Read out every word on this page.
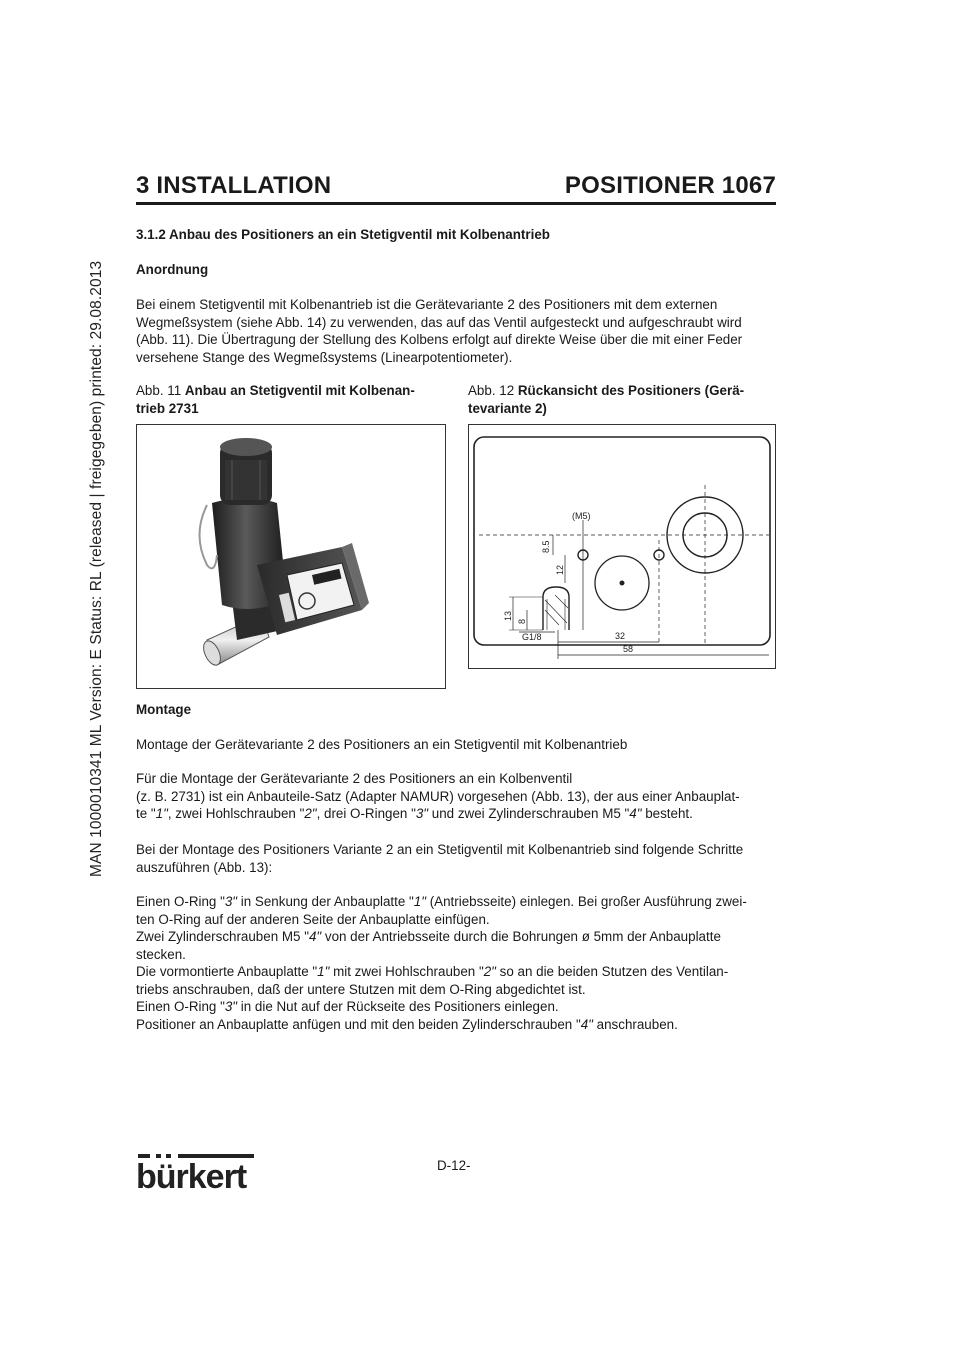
MAN 1000010341 ML Version: E Status: RL (released | freigegeben) printed: 29.08.2013
3 INSTALLATION	POSITIONER 1067
3.1.2 Anbau des Positioners an ein Stetigventil mit Kolbenantrieb
Anordnung
Bei einem Stetigventil mit Kolbenantrieb ist die Gerätevariante 2 des Positioners mit dem externen
Wegmeßsystem (siehe Abb. 14) zu verwenden, das auf das Ventil aufgesteckt und aufgeschraubt wird
(Abb. 11). Die Übertragung der Stellung des Kolbens erfolgt auf direkte Weise über die mit einer Feder
versehene Stange des Wegmeßsystems (Linearpotentiometer).
Abb. 11 Anbau an Stetigventil mit Kolbenan-
trieb 2731
Abb. 12 Rückansicht des Positioners (Gerä-
tevariante 2)
(M5)
8.5
12
13
8
G1/8	32
58
Montage
Montage der Gerätevariante 2 des Positioners an ein Stetigventil mit Kolbenantrieb
Für die Montage der Gerätevariante 2 des Positioners an ein Kolbenventil
(z. B. 2731) ist ein Anbauteile-Satz (Adapter NAMUR) vorgesehen (Abb. 13), der aus einer Anbauplat-
te "1", zwei Hohlschrauben "2", drei O-Ringen "3" und zwei Zylinderschrauben M5 "4" besteht.
Bei der Montage des Positioners Variante 2 an ein Stetigventil mit Kolbenantrieb sind folgende Schritte
auszuführen (Abb. 13):
Einen O-Ring "3" in Senkung der Anbauplatte "1" (Antriebsseite) einlegen. Bei großer Ausführung zwei-
ten O-Ring auf der anderen Seite der Anbauplatte einfügen.
Zwei Zylinderschrauben M5 "4" von der Antriebsseite durch die Bohrungen ø 5mm der Anbauplatte
stecken.
Die vormontierte Anbauplatte "1" mit zwei Hohlschrauben "2" so an die beiden Stutzen des Ventilan-
triebs anschrauben, daß der untere Stutzen mit dem O-Ring abgedichtet ist.
Einen O-Ring "3" in die Nut auf der Rückseite des Positioners einlegen.
Positioner an Anbauplatte anfügen und mit den beiden Zylinderschrauben "4" anschrauben.
bürkert	D-12-
